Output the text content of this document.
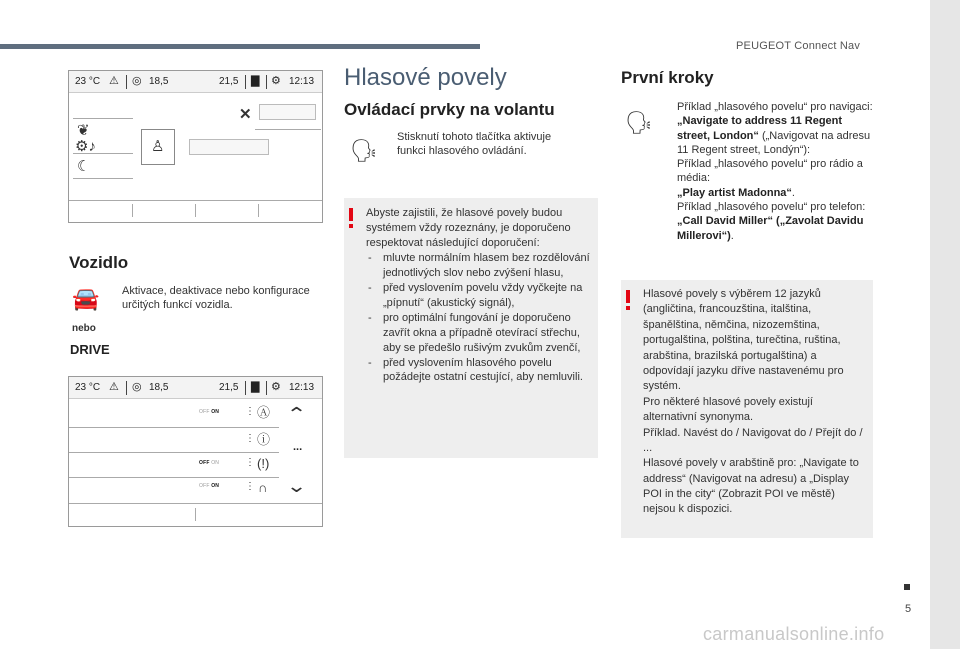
PEUGEOT Connect Nav
5
23 °C ⚠ ◎ 18,5	21,5 ▇ ⚙ 12:13
✕
❦
⚙♪
☾
♙
Vozidlo
🚘 Aktivace, deaktivace nebo konfigurace určitých funkcí vozidla.
nebo
DRIVE
23 °C ⚠ ◎ 18,5	21,5 ▇ ⚙ 12:13
OFF ON	⋮ Ⓐ ⌃
⋮ ⓘ ...
OFF ON	⋮ (!)
OFF ON	⋮ ∩ ⌄
Hlasové povely
Ovládací prvky na volantu
🗣
Stisknutí tohoto tlačítka aktivuje funkci hlasového ovládání.
Abyste zajistili, že hlasové povely budou systémem vždy rozeznány, je doporučeno respektovat následující doporučení:
- mluvte normálním hlasem bez rozdělování jednotlivých slov nebo zvýšení hlasu,
- před vyslovením povelu vždy vyčkejte na „pípnutí“ (akustický signál),
- pro optimální fungování je doporučeno zavřít okna a případně otevírací střechu, aby se předešlo rušivým zvukům zvenčí,
- před vyslovením hlasového povelu požádejte ostatní cestující, aby nemluvili.
První kroky
🗣
Příklad „hlasového povelu“ pro navigaci:
„Navigate to address 11 Regent street, London“ („Navigovat na adresu 11 Regent street, Londýn“):
Příklad „hlasového povelu“ pro rádio a média:
„Play artist Madonna“.
Příklad „hlasového povelu“ pro telefon:
„Call David Miller“ („Zavolat Davidu Millerovi“).
Hlasové povely s výběrem 12 jazyků (angličtina, francouzština, italština, španělština, němčina, nizozemština, portugalština, polština, turečtina, ruština, arabština, brazilská portugalština) a odpovídají jazyku dříve nastavenému pro systém.
Pro některé hlasové povely existují alternativní synonyma.
Příklad. Navést do / Navigovat do / Přejít do / ...
Hlasové povely v arabštině pro: „Navigate to address“ (Navigovat na adresu) a „Display POI in the city“ (Zobrazit POI ve městě) nejsou k dispozici.
carmanualsonline.info
